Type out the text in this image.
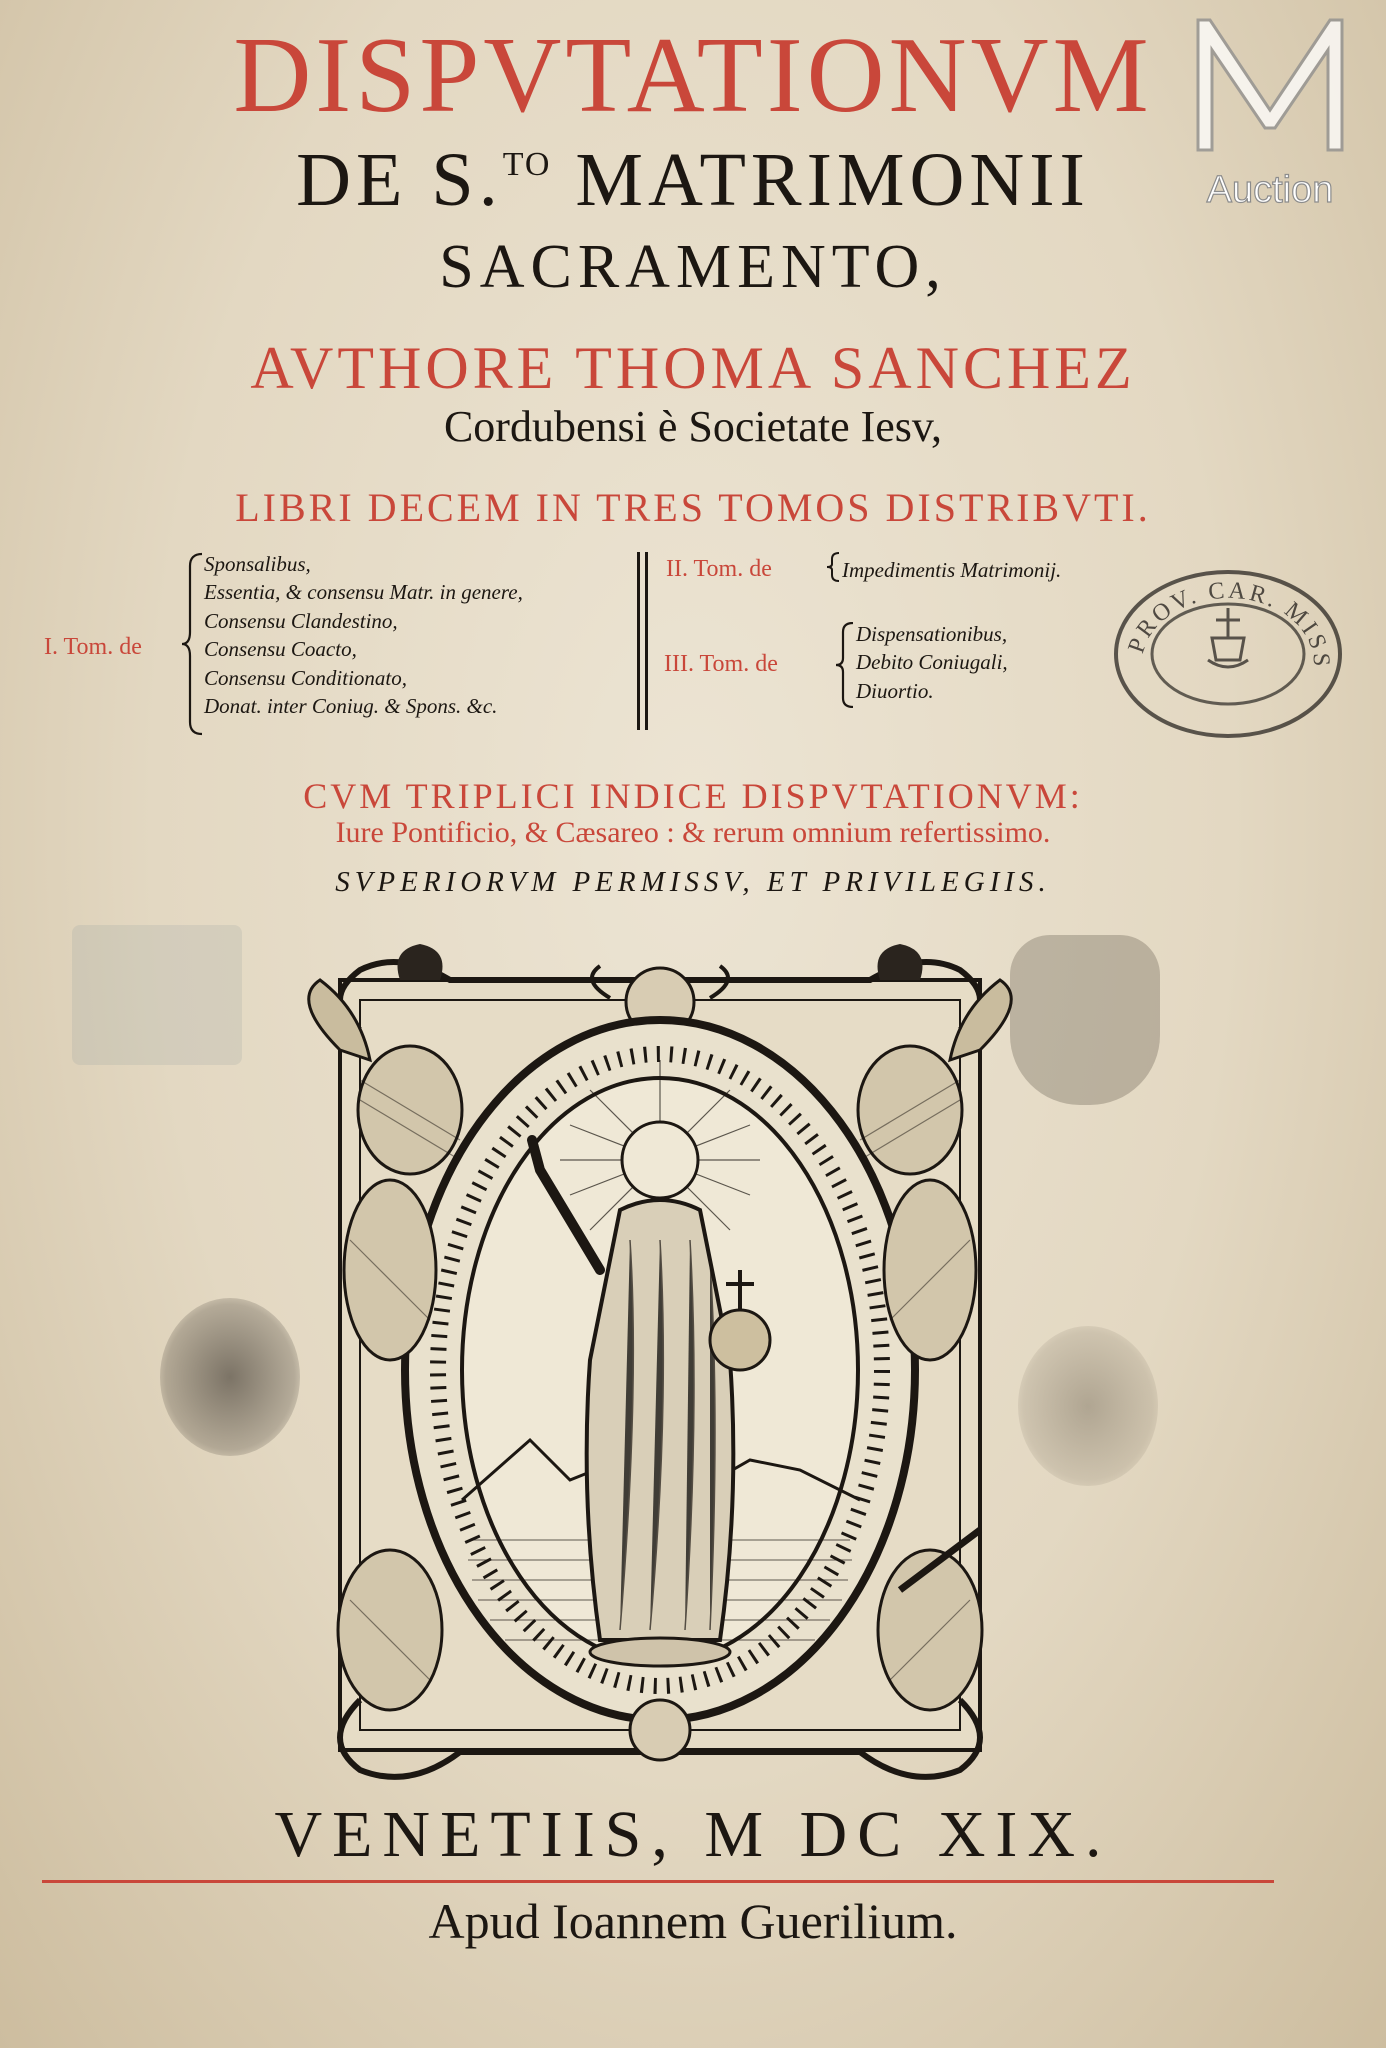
Auction
DISPVTATIONVM
DE S.$^{TO}$ MATRIMONII
SACRAMENTO,
AVTHORE THOMA SANCHEZ
Cordubensi è Societate Iesv,
LIBRI DECEM IN TRES TOMOS DISTRIBVTI.
I. Tom. de
Sponsalibus,
Essentia, & consensu Matr. in genere,
Consensu Clandestino,
Consensu Coacto,
Consensu Conditionato,
Donat. inter Coniug. & Spons. &c.
II. Tom. de	Impedimentis Matrimonij.
III. Tom. de
Dispensationibus,
Debito Coniugali,
Diuortio.
PROV. CAR. MISS
CVM TRIPLICI INDICE DISPVTATIONVM:
Iure Pontificio, & Cæsareo : & rerum omnium refertissimo.
SVPERIORVM PERMISSV, ET PRIVILEGIIS.
VENETIIS, M DC XIX.
Apud Ioannem Guerilium.
